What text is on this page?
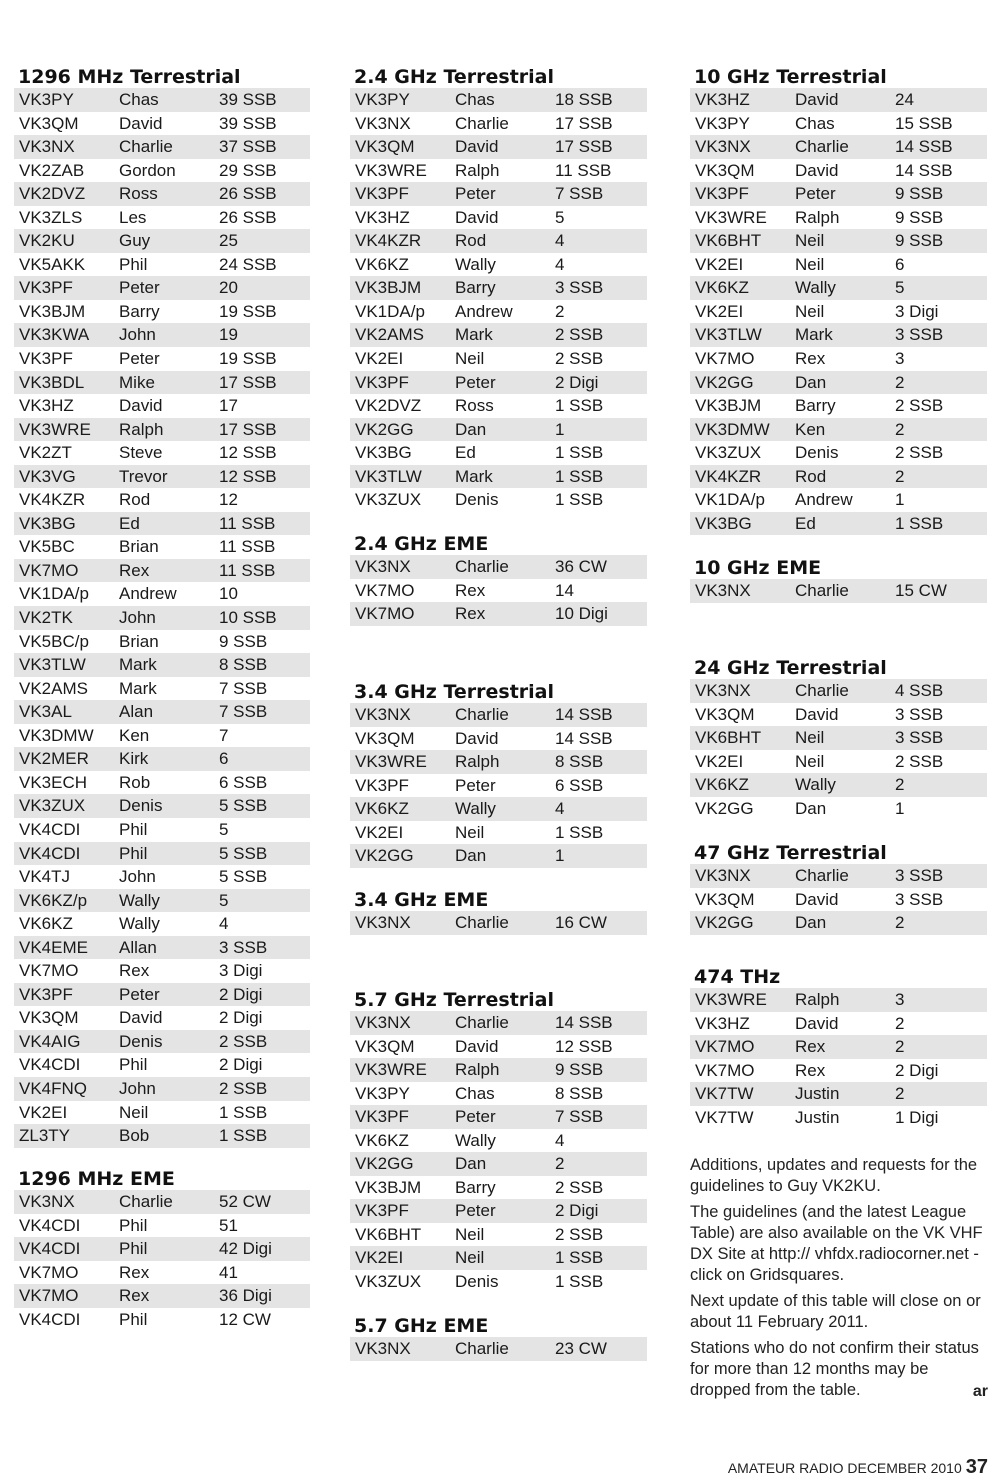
1296 MHz Terrestrial
VK3PY	Chas	39 SSB
VK3QM	David	39 SSB
VK3NX	Charlie	37 SSB
VK2ZAB	Gordon	29 SSB
VK2DVZ	Ross	26 SSB
VK3ZLS	Les	26 SSB
VK2KU	Guy	25
VK5AKK	Phil	24 SSB
VK3PF	Peter	20
VK3BJM	Barry	19 SSB
VK3KWA	John	19
VK3PF	Peter	19 SSB
VK3BDL	Mike	17 SSB
VK3HZ	David	17
VK3WRE	Ralph	17 SSB
VK2ZT	Steve	12 SSB
VK3VG	Trevor	12 SSB
VK4KZR	Rod	12
VK3BG	Ed	11 SSB
VK5BC	Brian	11 SSB
VK7MO	Rex	11 SSB
VK1DA/p	Andrew	10
VK2TK	John	10 SSB
VK5BC/p	Brian	9 SSB
VK3TLW	Mark	8 SSB
VK2AMS	Mark	7 SSB
VK3AL	Alan	7 SSB
VK3DMW	Ken	7
VK2MER	Kirk	6
VK3ECH	Rob	6 SSB
VK3ZUX	Denis	5 SSB
VK4CDI	Phil	5
VK4CDI	Phil	5 SSB
VK4TJ	John	5 SSB
VK6KZ/p	Wally	5
VK6KZ	Wally	4
VK4EME	Allan	3 SSB
VK7MO	Rex	3 Digi
VK3PF	Peter	2 Digi
VK3QM	David	2 Digi
VK4AIG	Denis	2 SSB
VK4CDI	Phil	2 Digi
VK4FNQ	John	2 SSB
VK2EI	Neil	1 SSB
ZL3TY	Bob	1 SSB
1296 MHz EME
VK3NX	Charlie	52 CW
VK4CDI	Phil	51
VK4CDI	Phil	42 Digi
VK7MO	Rex	41
VK7MO	Rex	36 Digi
VK4CDI	Phil	12 CW
2.4 GHz Terrestrial
VK3PY	Chas	18 SSB
VK3NX	Charlie	17 SSB
VK3QM	David	17 SSB
VK3WRE	Ralph	11 SSB
VK3PF	Peter	7 SSB
VK3HZ	David	5
VK4KZR	Rod	4
VK6KZ	Wally	4
VK3BJM	Barry	3 SSB
VK1DA/p	Andrew	2
VK2AMS	Mark	2 SSB
VK2EI	Neil	2 SSB
VK3PF	Peter	2 Digi
VK2DVZ	Ross	1 SSB
VK2GG	Dan	1
VK3BG	Ed	1 SSB
VK3TLW	Mark	1 SSB
VK3ZUX	Denis	1 SSB
2.4 GHz EME
VK3NX	Charlie	36 CW
VK7MO	Rex	14
VK7MO	Rex	10 Digi
3.4 GHz Terrestrial
VK3NX	Charlie	14 SSB
VK3QM	David	14 SSB
VK3WRE	Ralph	8 SSB
VK3PF	Peter	6 SSB
VK6KZ	Wally	4
VK2EI	Neil	1 SSB
VK2GG	Dan	1
3.4 GHz EME
VK3NX	Charlie	16 CW
5.7 GHz Terrestrial
VK3NX	Charlie	14 SSB
VK3QM	David	12 SSB
VK3WRE	Ralph	9 SSB
VK3PY	Chas	8 SSB
VK3PF	Peter	7 SSB
VK6KZ	Wally	4
VK2GG	Dan	2
VK3BJM	Barry	2 SSB
VK3PF	Peter	2 Digi
VK6BHT	Neil	2 SSB
VK2EI	Neil	1 SSB
VK3ZUX	Denis	1 SSB
5.7 GHz EME
VK3NX	Charlie	23 CW

Additions, updates and requests for the guidelines to Guy VK2KU.

The guidelines (and the latest League Table) are also available on the VK VHF DX Site at http:// vhfdx.radiocorner.net - click on Gridsquares.

Next update of this table will close on or about 11 February 2011.

Stations who do not confirm their status for more than 12 months may be dropped from the table.	ar
10 GHz Terrestrial
VK3HZ	David	24
VK3PY	Chas	15 SSB
VK3NX	Charlie	14 SSB
VK3QM	David	14 SSB
VK3PF	Peter	9 SSB
VK3WRE	Ralph	9 SSB
VK6BHT	Neil	9 SSB
VK2EI	Neil	6
VK6KZ	Wally	5
VK2EI	Neil	3 Digi
VK3TLW	Mark	3 SSB
VK7MO	Rex	3
VK2GG	Dan	2
VK3BJM	Barry	2 SSB
VK3DMW	Ken	2
VK3ZUX	Denis	2 SSB
VK4KZR	Rod	2
VK1DA/p	Andrew	1
VK3BG	Ed	1 SSB
10 GHz EME
VK3NX	Charlie	15 CW
24 GHz Terrestrial
VK3NX	Charlie	4 SSB
VK3QM	David	3 SSB
VK6BHT	Neil	3 SSB
VK2EI	Neil	2 SSB
VK6KZ	Wally	2
VK2GG	Dan	1
47 GHz Terrestrial
VK3NX	Charlie	3 SSB
VK3QM	David	3 SSB
VK2GG	Dan	2
474 THz
VK3WRE	Ralph	3
VK3HZ	David	2
VK7MO	Rex	2
VK7MO	Rex	2 Digi
VK7TW	Justin	2
VK7TW	Justin	1 Digi
AMATEUR RADIO DECEMBER 2010 37
